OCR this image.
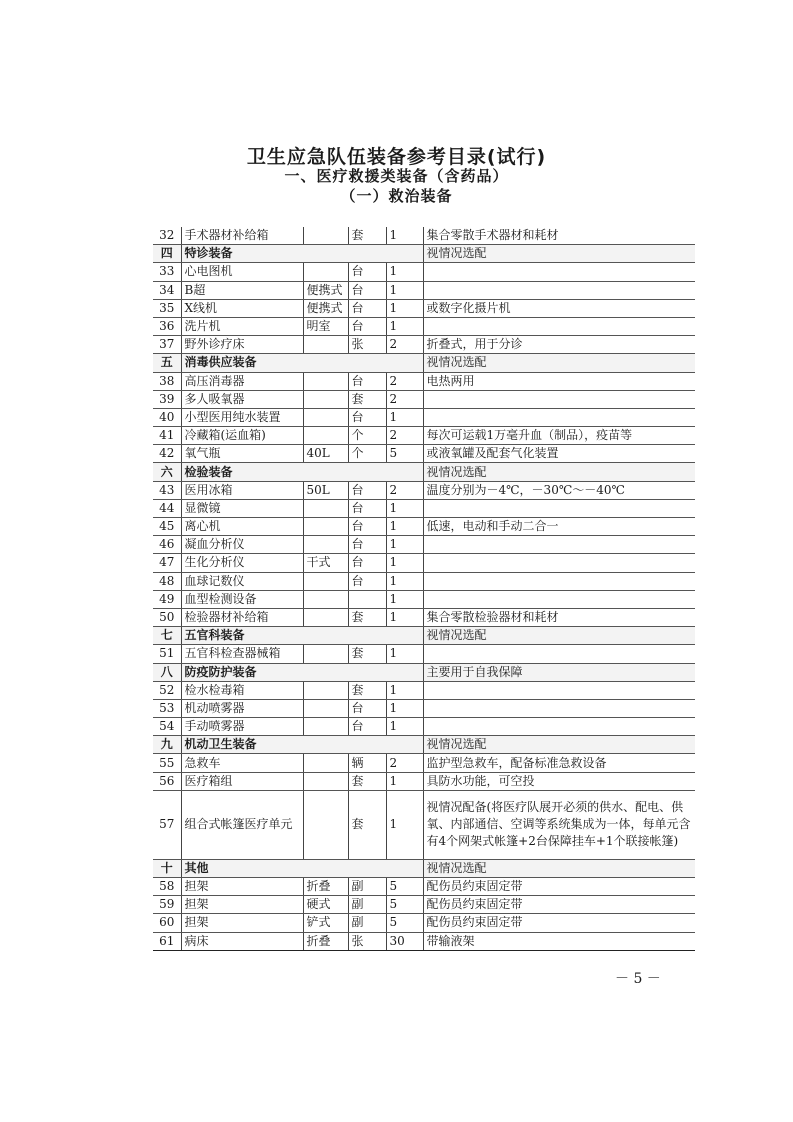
卫生应急队伍装备参考目录(试行)
一、医疗救援类装备（含药品）
（一）救治装备
32	手术器材补给箱		套	1	集合零散手术器材和耗材
四	特诊装备				视情况选配
33	心电图机		台	1	
34	B超	便携式	台	1	
35	X线机	便携式	台	1	或数字化摄片机
36	洗片机	明室	台	1	
37	野外诊疗床		张	2	折叠式，用于分诊
五	消毒供应装备				视情况选配
38	高压消毒器		台	2	电热两用
39	多人吸氧器		套	2	
40	小型医用纯水装置		台	1	
41	冷藏箱(运血箱)		个	2	每次可运载1万毫升血（制品），疫苗等
42	氧气瓶	40L	个	5	或液氧罐及配套气化装置
六	检验装备				视情况选配
43	医用冰箱	50L	台	2	温度分别为－4℃，－30℃～－40℃
44	显微镜		台	1	
45	离心机		台	1	低速，电动和手动二合一
46	凝血分析仪		台	1	
47	生化分析仪	干式	台	1	
48	血球记数仪		台	1	
49	血型检测设备			1	
50	检验器材补给箱		套	1	集合零散检验器材和耗材
七	五官科装备				视情况选配
51	五官科检查器械箱		套	1	
八	防疫防护装备				主要用于自我保障
52	检水检毒箱		套	1	
53	机动喷雾器		台	1	
54	手动喷雾器		台	1	
九	机动卫生装备				视情况选配
55	急救车		辆	2	监护型急救车，配备标准急救设备
56	医疗箱组		套	1	具防水功能，可空投
57	组合式帐篷医疗单元		套	1	视情况配备(将医疗队展开必须的供水、配电、供氧、内部通信、空调等系统集成为一体，每单元含有4个网架式帐篷+2台保障挂车+1个联接帐篷)
十	其他				视情况选配
58	担架	折叠	副	5	配伤员约束固定带
59	担架	硬式	副	5	配伤员约束固定带
60	担架	铲式	副	5	配伤员约束固定带
61	病床	折叠	张	30	带输液架
－ 5 －
